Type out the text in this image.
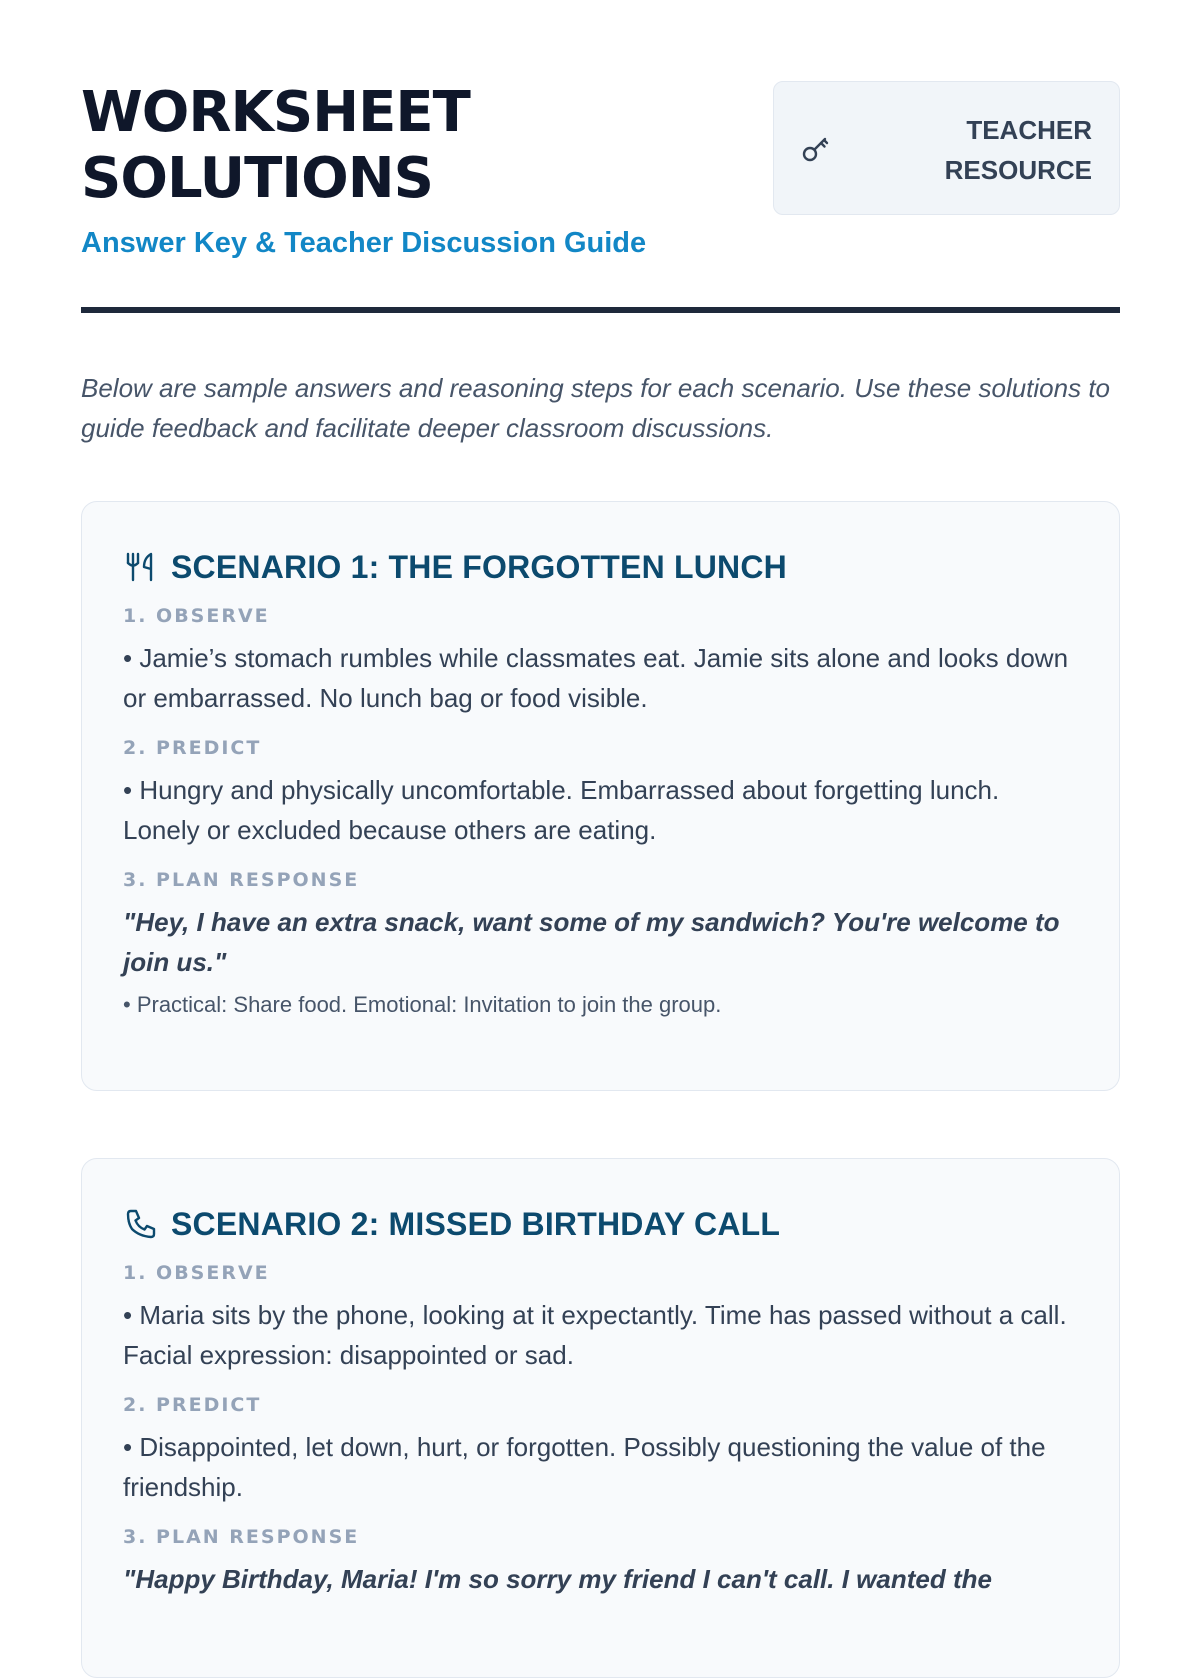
WORKSHEET
SOLUTIONS
Answer Key & Teacher Discussion Guide
TEACHER
RESOURCE

Below are sample answers and reasoning steps for each scenario. Use these solutions to guide feedback and facilitate deeper classroom discussions.

SCENARIO 1: THE FORGOTTEN LUNCH
1. OBSERVE

• Jamie’s stomach rumbles while classmates eat. Jamie sits alone and looks down or embarrassed. No lunch bag or food visible.

2. PREDICT

• Hungry and physically uncomfortable. Embarrassed about forgetting lunch. Lonely or excluded because others are eating.

3. PLAN RESPONSE

"Hey, I have an extra snack, want some of my sandwich? You're welcome to join us."

• Practical: Share food. Emotional: Invitation to join the group.
SCENARIO 2: MISSED BIRTHDAY CALL
1. OBSERVE

• Maria sits by the phone, looking at it expectantly. Time has passed without a call. Facial expression: disappointed or sad.

2. PREDICT

• Disappointed, let down, hurt, or forgotten. Possibly questioning the value of the friendship.

3. PLAN RESPONSE

"Happy Birthday, Maria! I'm so sorry my friend I can't call. I wanted the
